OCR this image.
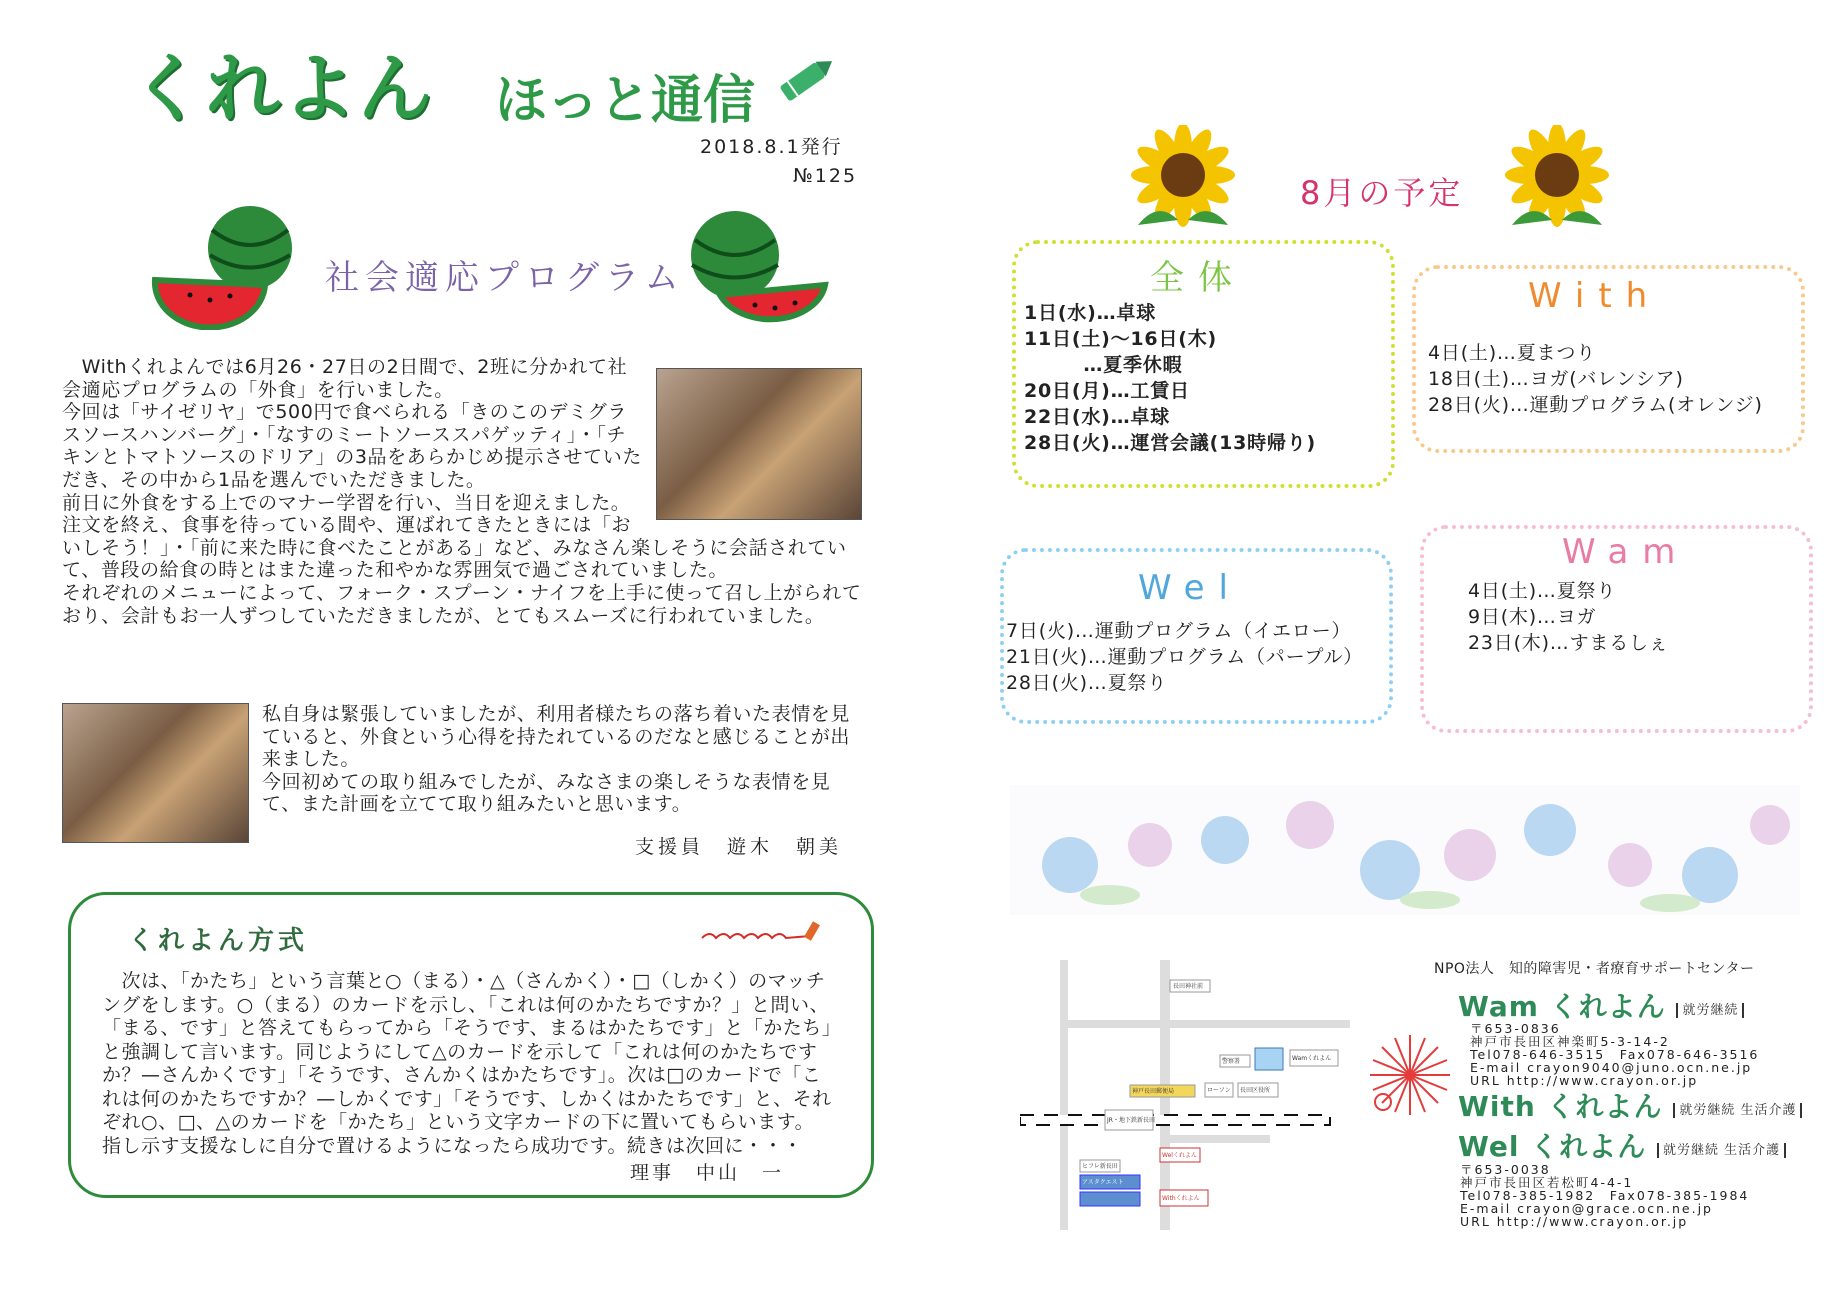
くれよん ほっと通信
2018.8.1発行
№125
社会適応プログラム

　Withくれよんでは6月26・27日の2日間で、2班に分かれて社会適応プログラムの「外食」を行いました。

今回は「サイゼリヤ」で500円で食べられる「きのこのデミグラスソースハンバーグ」・「なすのミートソーススパゲッティ」・「チキンとトマトソースのドリア」の3品をあらかじめ提示させていただき、その中から1品を選んでいただきました。

前日に外食をする上でのマナー学習を行い、当日を迎えました。

注文を終え、食事を待っている間や、運ばれてきたときには「おいしそう！」・「前に来た時に食べたことがある」など、みなさん楽しそうに会話されていて、普段の給食の時とはまた違った和やかな雰囲気で過ごされていました。

それぞれのメニューによって、フォーク・スプーン・ナイフを上手に使って召し上がられており、会計もお一人ずつしていただきましたが、とてもスムーズに行われていました。

私自身は緊張していましたが、利用者様たちの落ち着いた表情を見ていると、外食という心得を持たれているのだなと感じることが出来ました。

今回初めての取り組みでしたが、みなさまの楽しそうな表情を見て、また計画を立てて取り組みたいと思います。

支援員　遊木　朝美
くれよん方式
　次は、「かたち」という言葉と○（まる）・△（さんかく）・□（しかく）のマッチングをします。○（まる）のカードを示し、「これは何のかたちですか？」と問い、「まる、です」と答えてもらってから「そうです、まるはかたちです」と「かたち」と強調して言います。同じようにして△のカードを示して「これは何のかたちですか？—さんかくです」「そうです、さんかくはかたちです」。次は□のカードで「これは何のかたちですか？—しかくです」「そうです、しかくはかたちです」と、それぞれ○、□、△のカードを「かたち」という文字カードの下に置いてもらいます。指し示す支援なしに自分で置けるようになったら成功です。続きは次回に・・・
理事　中山　一
8月の予定
全体
1日(水)…卓球
11日(土)～16日(木)
　　　…夏季休暇
20日(月)…工賃日
22日(水)…卓球
28日(火)…運営会議(13時帰り)
With
4日(土)…夏まつり
18日(土)…ヨガ(バレンシア)
28日(火)…運動プログラム(オレンジ)
Wel
7日(火)…運動プログラム（イエロー）
21日(火)…運動プログラム（パープル）
28日(火)…夏祭り
Wam
4日(土)…夏祭り
9日(木)…ヨガ
23日(木)…すまるしぇ
長田神社前
警察署	Wamくれよん
神戸長田郵便局	ローソン 長田区役所
JR・地下鉄新長田
Welくれよん
ヒフレ新長田
アスタクエスト
Withくれよん
NPO法人　知的障害児・者療育サポートセンター
Wam くれよん 就労継続
〒653-0836
神戸市長田区神楽町5-3-14-2
Tel078-646-3515　Fax078-646-3516
E-mail crayon9040@juno.ocn.ne.jp
URL http://www.crayon.or.jp
With くれよん 就労継続 生活介護
Wel くれよん 就労継続 生活介護
〒653-0038
神戸市長田区若松町4-4-1
Tel078-385-1982　Fax078-385-1984
E-mail crayon@grace.ocn.ne.jp
URL http://www.crayon.or.jp
